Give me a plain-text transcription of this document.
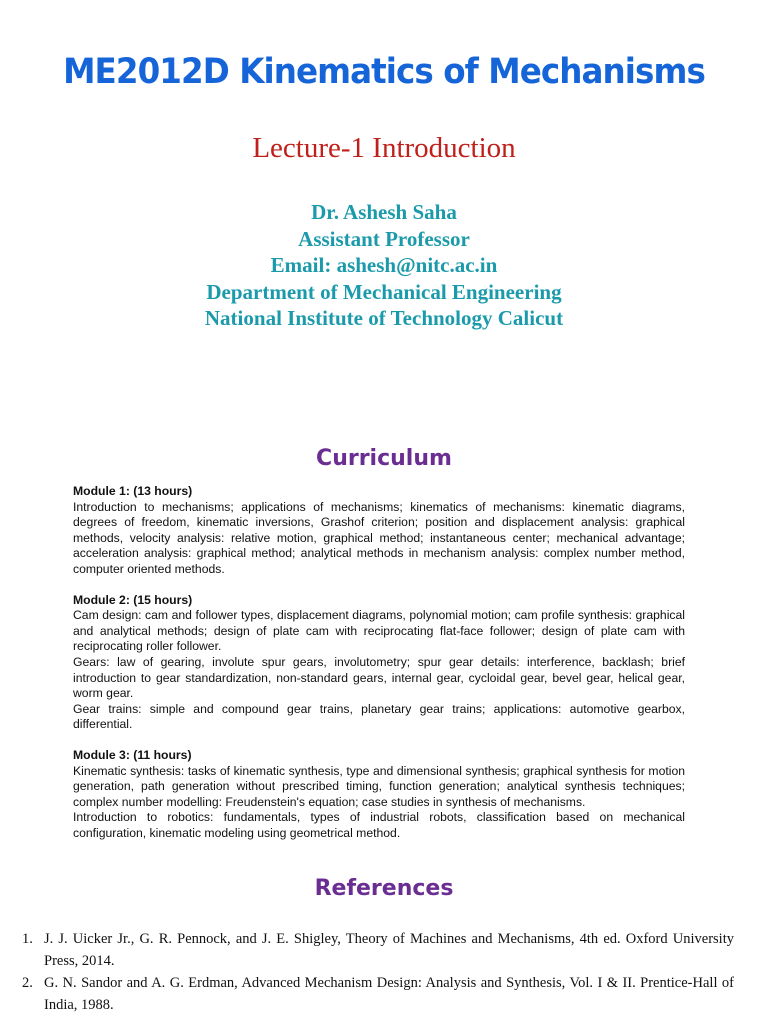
ME2012D Kinematics of Mechanisms
Lecture-1 Introduction
Dr. Ashesh Saha
Assistant Professor
Email: ashesh@nitc.ac.in
Department of Mechanical Engineering
National Institute of Technology Calicut
Curriculum
Module 1: (13 hours)

Introduction to mechanisms; applications of mechanisms; kinematics of mechanisms: kinematic diagrams, degrees of freedom, kinematic inversions, Grashof criterion; position and displacement analysis: graphical methods, velocity analysis: relative motion, graphical method; instantaneous center; mechanical advantage; acceleration analysis: graphical method; analytical methods in mechanism analysis: complex number method, computer oriented methods.

Module 2: (15 hours)

Cam design: cam and follower types, displacement diagrams, polynomial motion; cam profile synthesis: graphical and analytical methods; design of plate cam with reciprocating flat-face follower; design of plate cam with reciprocating roller follower.

Gears: law of gearing, involute spur gears, involutometry; spur gear details: interference, backlash; brief introduction to gear standardization, non-standard gears, internal gear, cycloidal gear, bevel gear, helical gear, worm gear.

Gear trains: simple and compound gear trains, planetary gear trains; applications: automotive gearbox, differential.

Module 3: (11 hours)

Kinematic synthesis: tasks of kinematic synthesis, type and dimensional synthesis; graphical synthesis for motion generation, path generation without prescribed timing, function generation; analytical synthesis techniques; complex number modelling: Freudenstein's equation; case studies in synthesis of mechanisms.

Introduction to robotics: fundamentals, types of industrial robots, classification based on mechanical configuration, kinematic modeling using geometrical method.

References
1. J. J. Uicker Jr., G. R. Pennock, and J. E. Shigley, Theory of Machines and Mechanisms, 4th ed. Oxford University Press, 2014.
2. G. N. Sandor and A. G. Erdman, Advanced Mechanism Design: Analysis and Synthesis, Vol. I & II. Prentice-Hall of India, 1988.
